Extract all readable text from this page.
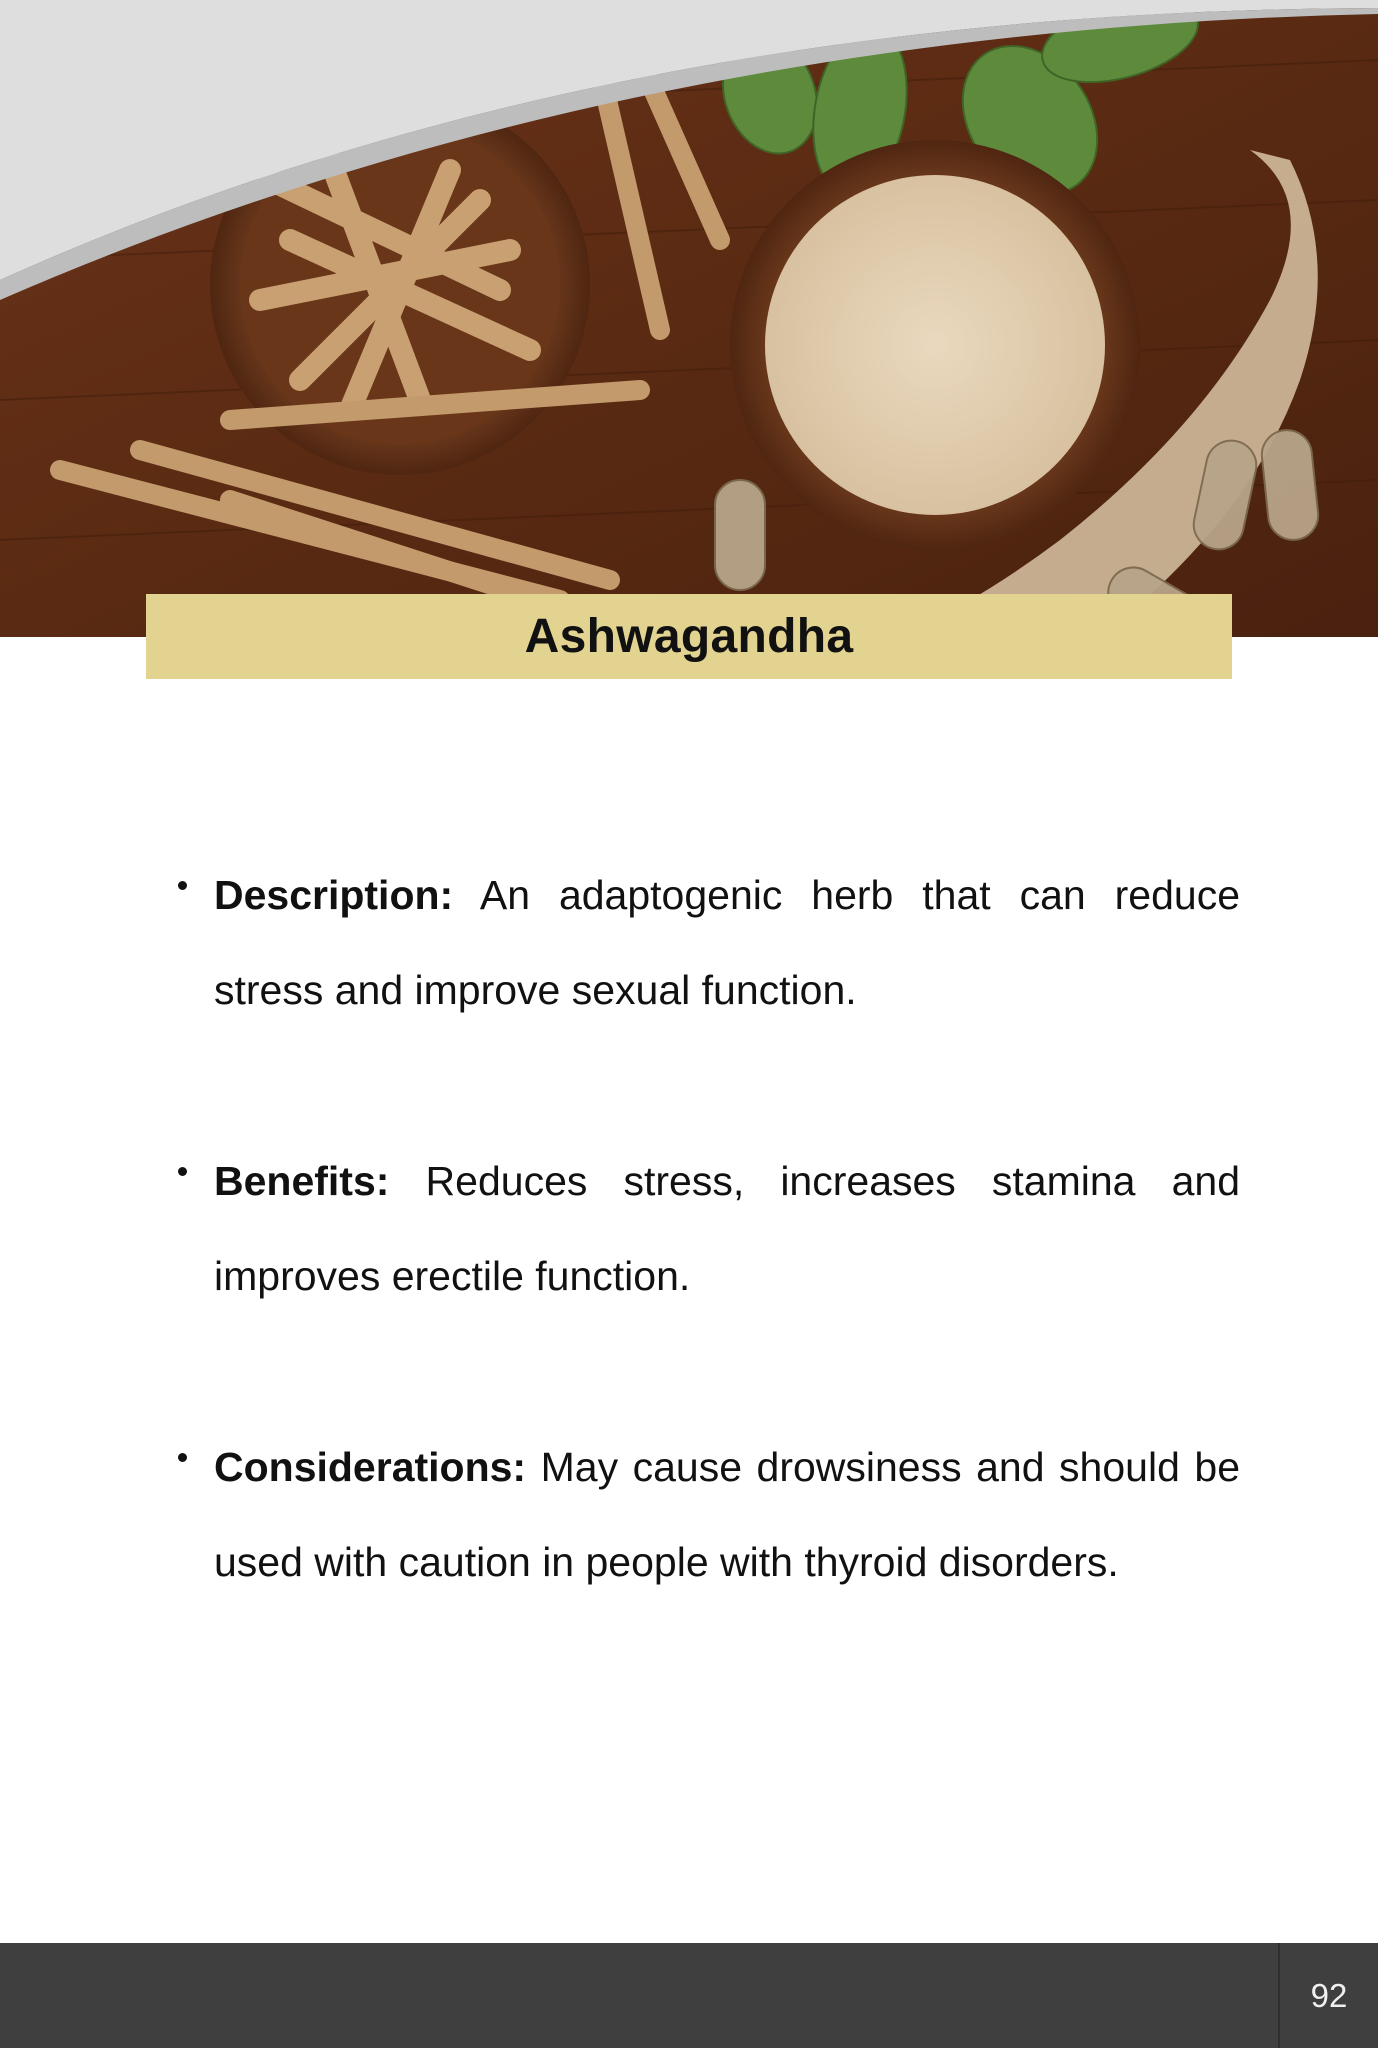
Ashwagandha

Description: An adaptogenic herb that can reduce stress and improve sexual function.

Benefits: Reduces stress, increases stamina and improves erectile function.

Considerations: May cause drowsiness and should be used with caution in people with thyroid disorders.

92
